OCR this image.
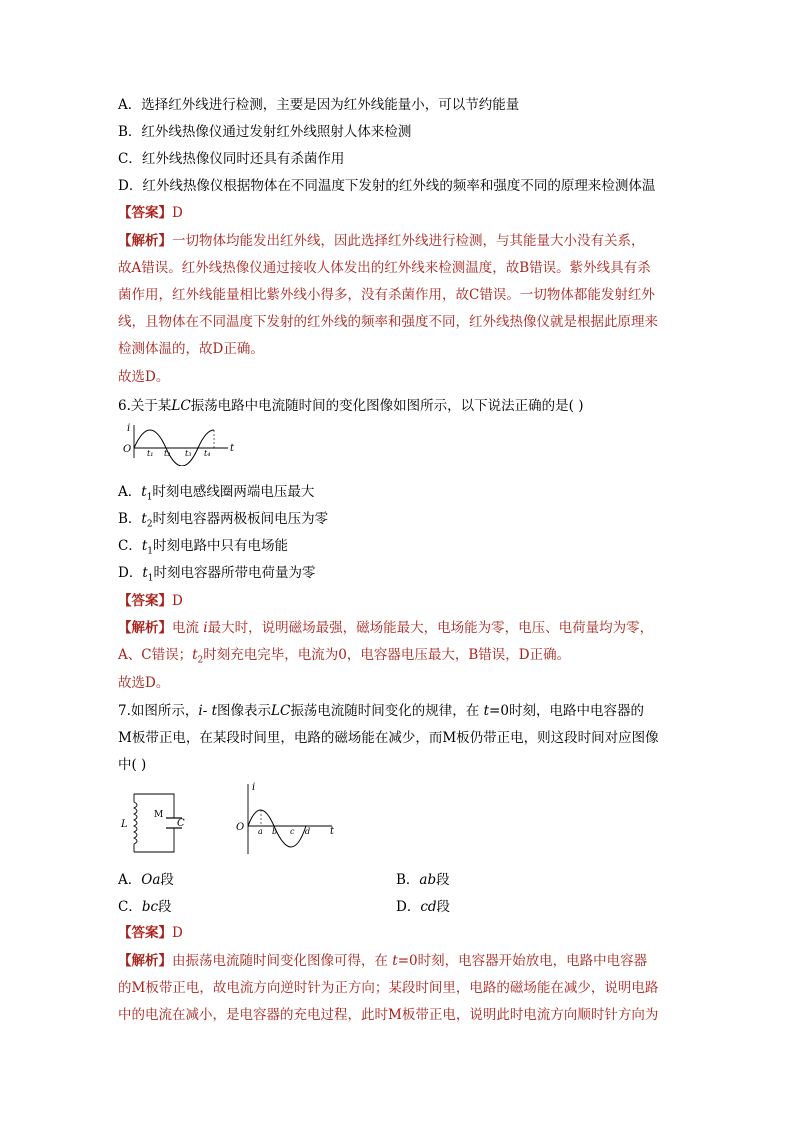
A．选择红外线进行检测，主要是因为红外线能量小，可以节约能量
B．红外线热像仪通过发射红外线照射人体来检测
C．红外线热像仪同时还具有杀菌作用
D．红外线热像仪根据物体在不同温度下发射的红外线的频率和强度不同的原理来检测体温
【答案】D
【解析】一切物体均能发出红外线，因此选择红外线进行检测，与其能量大小没有关系，
故A错误。红外线热像仪通过接收人体发出的红外线来检测温度，故B错误。紫外线具有杀
菌作用，红外线能量相比紫外线小得多，没有杀菌作用，故C错误。一切物体都能发射红外
线，且物体在不同温度下发射的红外线的频率和强度不同，红外线热像仪就是根据此原理来
检测体温的，故D正确。
故选D。
6.关于某LC振荡电路中电流随时间的变化图像如图所示，以下说法正确的是( )
i
O t₁ t₂ t₃ t₄ t
A．$t_1$时刻电感线圈两端电压最大
B．$t_2$时刻电容器两极板间电压为零
C．$t_1$时刻电路中只有电场能
D．$t_1$时刻电容器所带电荷量为零
【答案】D
【解析】电流 i最大时，说明磁场最强，磁场能最大，电场能为零，电压、电荷量均为零，
A、C错误；$t_2$时刻充电完毕，电流为0，电容器电压最大，B错误，D正确。
故选D。
7.如图所示，i- t图像表示LC振荡电流随时间变化的规律，在 t=0时刻，电路中电容器的
M板带正电，在某段时间里，电路的磁场能在减少，而M板仍带正电，则这段时间对应图像
中( )
L
M
C
i
O a b c d t
A．Oa段	B．ab段
C．bc段	D．cd段
【答案】D
【解析】由振荡电流随时间变化图像可得，在 t=0时刻，电容器开始放电，电路中电容器
的M板带正电，故电流方向逆时针为正方向；某段时间里，电路的磁场能在减少，说明电路
中的电流在减小，是电容器的充电过程，此时M板带正电，说明此时电流方向顺时针方向为
